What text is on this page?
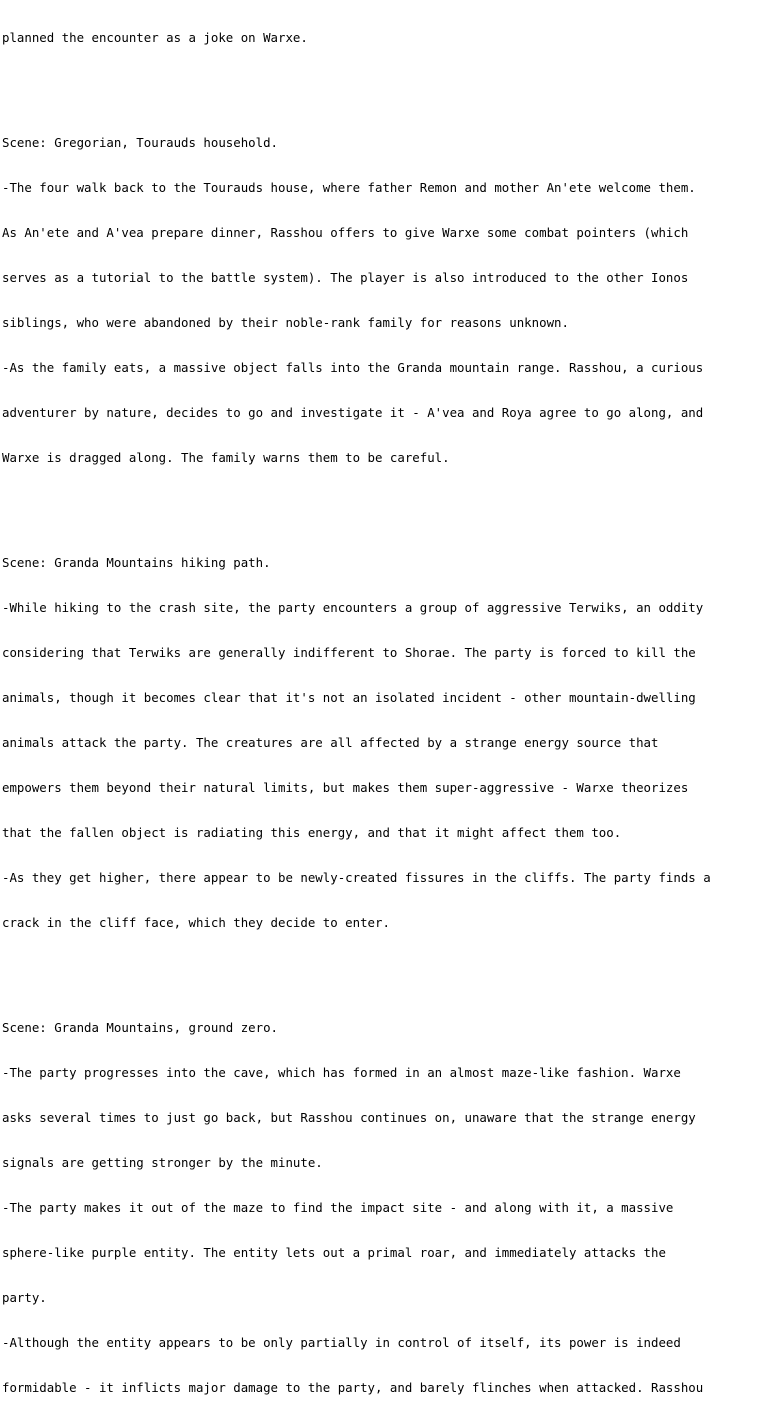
planned the encounter as a joke on Warxe.

Scene: Gregorian, Tourauds household.

-The four walk back to the Tourauds house, where father Remon and mother An'ete welcome them.

As An'ete and A'vea prepare dinner, Rasshou offers to give Warxe some combat pointers (which

serves as a tutorial to the battle system). The player is also introduced to the other Ionos

siblings, who were abandoned by their noble-rank family for reasons unknown.

-As the family eats, a massive object falls into the Granda mountain range. Rasshou, a curious

adventurer by nature, decides to go and investigate it - A'vea and Roya agree to go along, and

Warxe is dragged along. The family warns them to be careful.

Scene: Granda Mountains hiking path.

-While hiking to the crash site, the party encounters a group of aggressive Terwiks, an oddity

considering that Terwiks are generally indifferent to Shorae. The party is forced to kill the

animals, though it becomes clear that it's not an isolated incident - other mountain-dwelling

animals attack the party. The creatures are all affected by a strange energy source that

empowers them beyond their natural limits, but makes them super-aggressive - Warxe theorizes

that the fallen object is radiating this energy, and that it might affect them too.

-As they get higher, there appear to be newly-created fissures in the cliffs. The party finds a

crack in the cliff face, which they decide to enter.

Scene: Granda Mountains, ground zero.

-The party progresses into the cave, which has formed in an almost maze-like fashion. Warxe

asks several times to just go back, but Rasshou continues on, unaware that the strange energy

signals are getting stronger by the minute.

-The party makes it out of the maze to find the impact site - and along with it, a massive

sphere-like purple entity. The entity lets out a primal roar, and immediately attacks the

party.

-Although the entity appears to be only partially in control of itself, its power is indeed

formidable - it inflicts major damage to the party, and barely flinches when attacked. Rasshou
